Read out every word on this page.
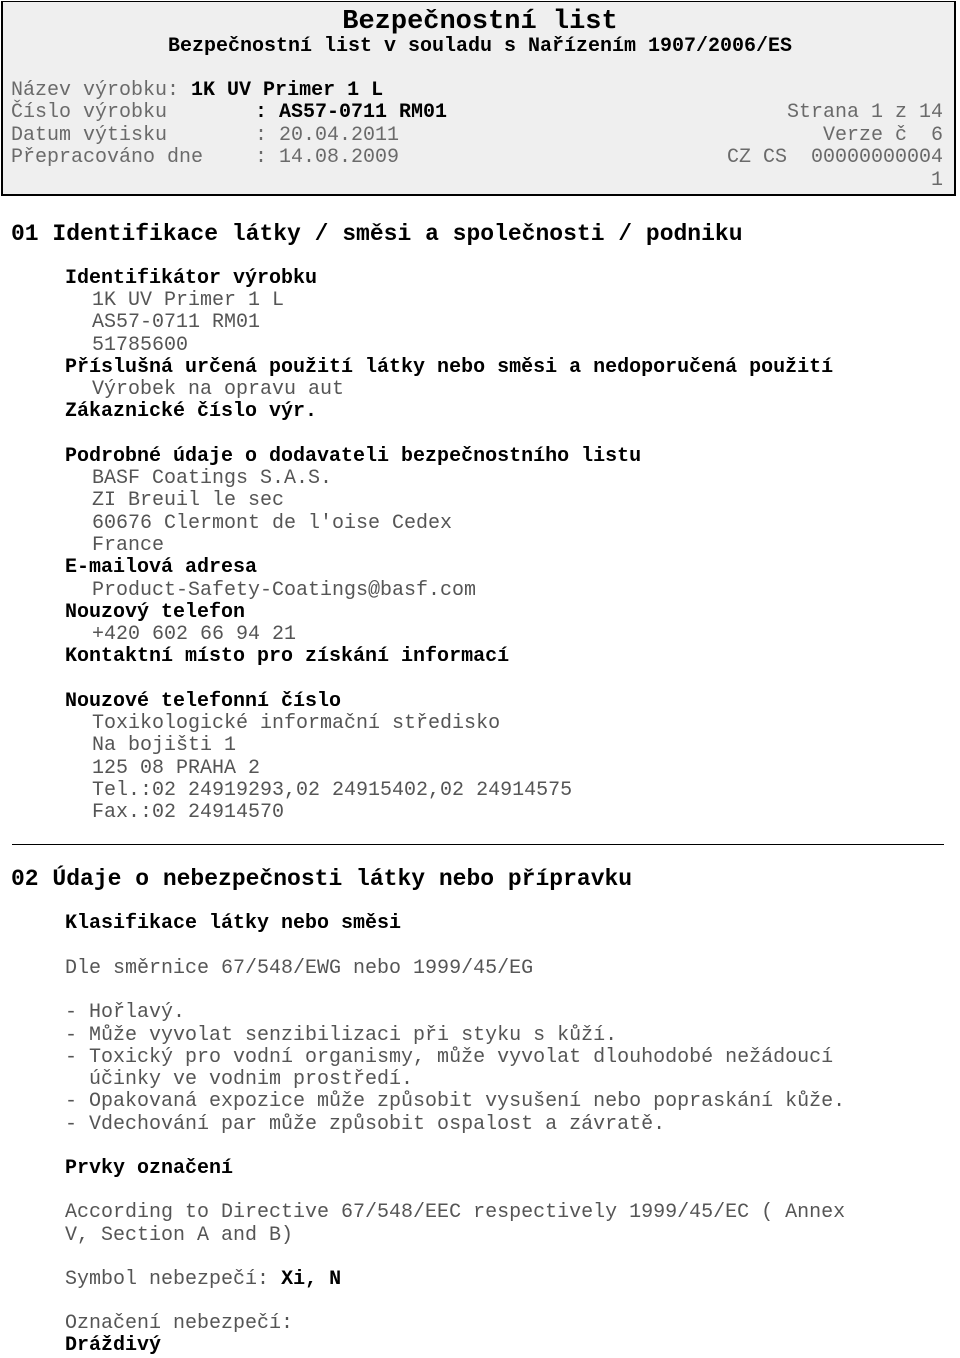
Bezpečnostní list
Bezpečnostní list v souladu s Nařízením 1907/2006/ES
Název výrobku: 1K UV Primer 1 L
Číslo výrobku	: AS57-0711 RM01
Datum výtisku	: 20.04.2011
Přepracováno dne	: 14.08.2009
Strana 1 z 14
Verze č  6
CZ CS  00000000004
1
01 Identifikace látky / směsi a společnosti / podniku
Identifikátor výrobku
1K UV Primer 1 L
AS57-0711 RM01
51785600
Příslušná určená použití látky nebo směsi a nedoporučená použití
Výrobek na opravu aut
Zákaznické číslo výr.
Podrobné údaje o dodavateli bezpečnostního listu
BASF Coatings S.A.S.
ZI Breuil le sec
60676 Clermont de l'oise Cedex
France
E-mailová adresa
Product-Safety-Coatings@basf.com
Nouzový telefon
+420 602 66 94 21
Kontaktní místo pro získání informací
Nouzové telefonní číslo
Toxikologické informační středisko
Na bojišti 1
125 08 PRAHA 2
Tel.:02 24919293,02 24915402,02 24914575
Fax.:02 24914570
02 Údaje o nebezpečnosti látky nebo přípravku
Klasifikace látky nebo směsi
Dle směrnice 67/548/EWG nebo 1999/45/EG
- Hořlavý.
- Může vyvolat senzibilizaci při styku s kůží.
- Toxický pro vodní organismy, může vyvolat dlouhodobé nežádoucí
účinky ve vodnim prostředí.
- Opakovaná expozice může způsobit vysušení nebo popraskání kůže.
- Vdechování par může způsobit ospalost a závratě.
Prvky označení
According to Directive 67/548/EEC respectively 1999/45/EC ( Annex
V, Section A and B)
Symbol nebezpečí: Xi, N
Označení nebezpečí:
Dráždivý
